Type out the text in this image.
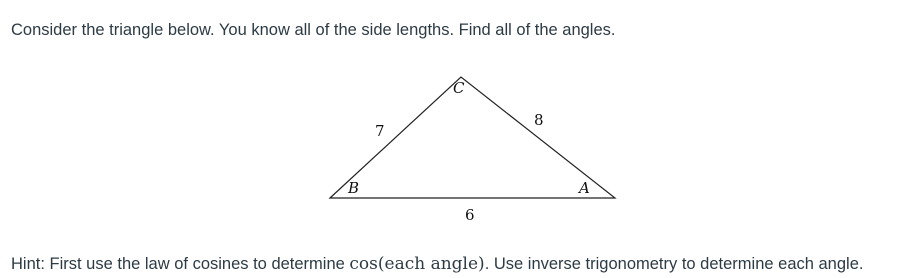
Consider the triangle below. You know all of the side lengths. Find all of the angles.
C
B	A
7
8
6
Hint: First use the law of cosines to determine cos(each angle). Use inverse trigonometry to determine each angle.
